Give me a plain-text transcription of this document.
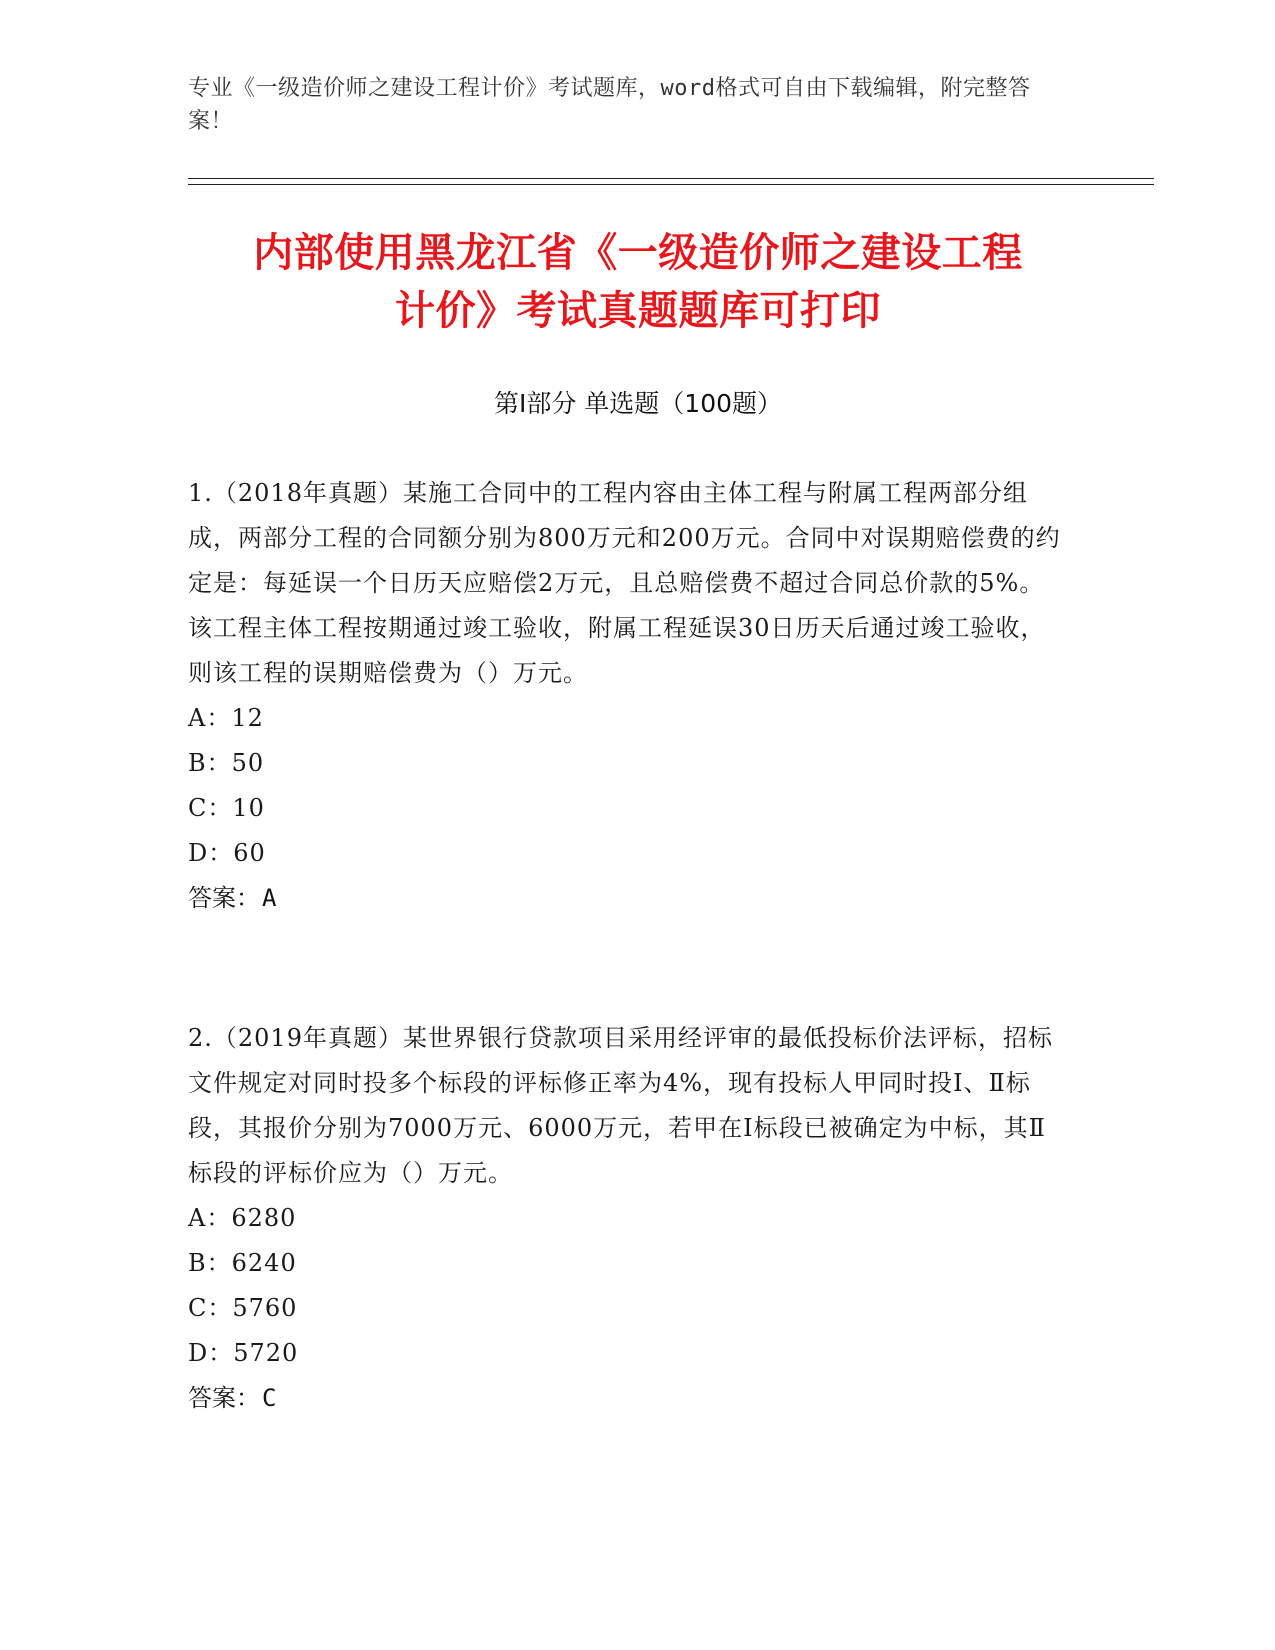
专业《一级造价师之建设工程计价》考试题库，word格式可自由下载编辑，附完整答案！
内部使用黑龙江省《一级造价师之建设工程
计价》考试真题题库可打印
第Ⅰ部分 单选题（100题）

1.（2018年真题）某施工合同中的工程内容由主体工程与附属工程两部分组成，两部分工程的合同额分别为800万元和200万元。合同中对误期赔偿费的约定是：每延误一个日历天应赔偿2万元，且总赔偿费不超过合同总价款的5%。该工程主体工程按期通过竣工验收，附属工程延误30日历天后通过竣工验收，则该工程的误期赔偿费为（）万元。

A： 12
B： 50
C： 10
D： 60
答案： A

2.（2019年真题）某世界银行贷款项目采用经评审的最低投标价法评标，招标文件规定对同时投多个标段的评标修正率为4%，现有投标人甲同时投Ⅰ、Ⅱ标段，其报价分别为7000万元、6000万元，若甲在Ⅰ标段已被确定为中标，其Ⅱ标段的评标价应为（）万元。

A： 6280
B： 6240
C： 5760
D： 5720
答案： C
